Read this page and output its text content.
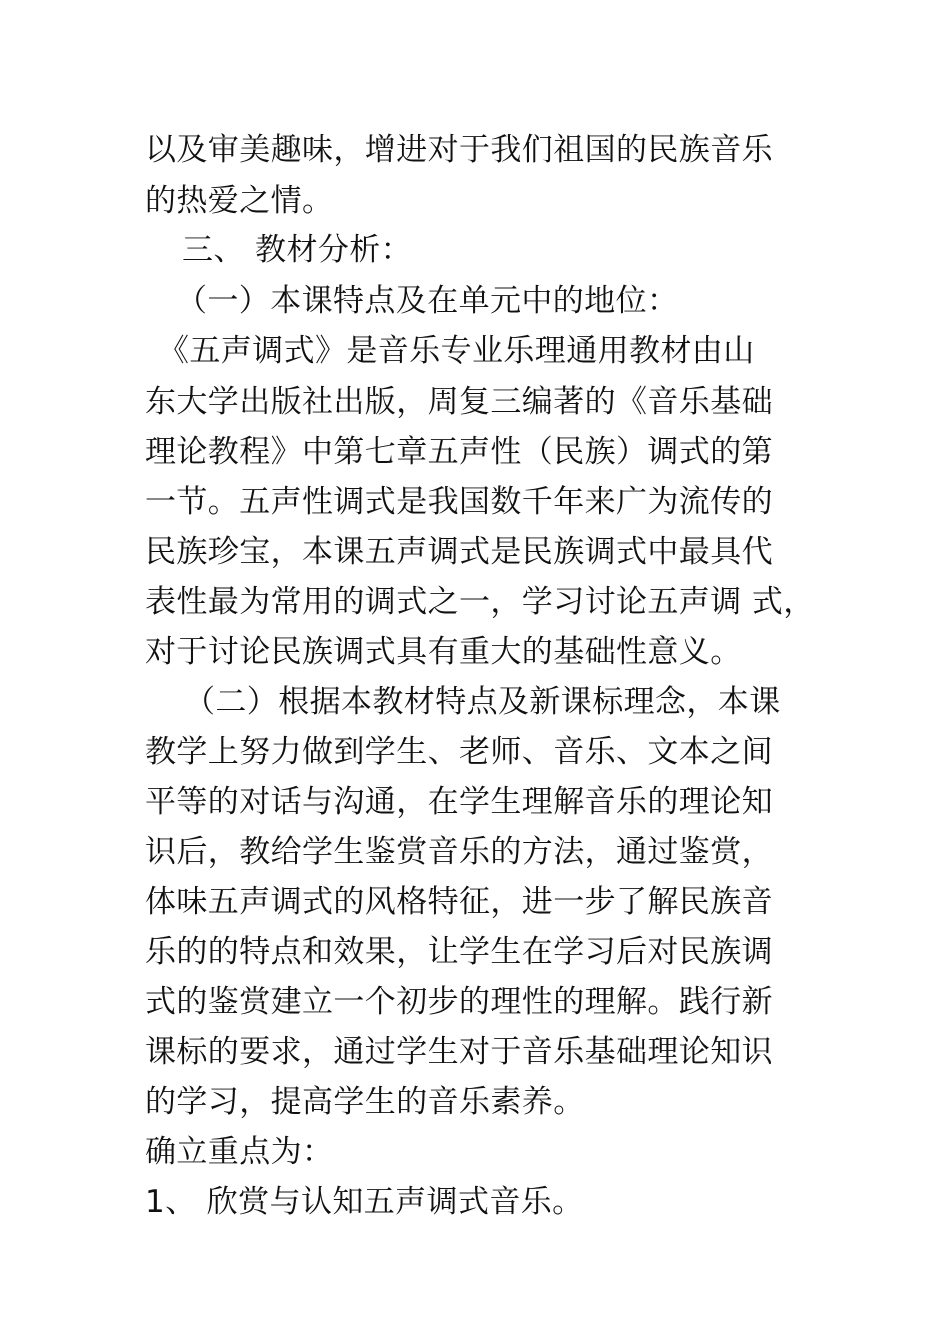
以及审美趣味，增进对于我们祖国的民族音乐
的热爱之情。
三、 教材分析：
（一）本课特点及在单元中的地位：
《五声调式》是音乐专业乐理通用教材由山
东大学出版社出版，周复三编著的《音乐基础
理论教程》中第七章五声性（民族）调式的第
一节。五声性调式是我国数千年来广为流传的
民族珍宝，本课五声调式是民族调式中最具代
表性最为常用的调式之一，学习讨论五声调 式，
对于讨论民族调式具有重大的基础性意义。
（二）根据本教材特点及新课标理念，本课
教学上努力做到学生、老师、音乐、文本之间
平等的对话与沟通，在学生理解音乐的理论知
识后，教给学生鉴赏音乐的方法，通过鉴赏，
体味五声调式的风格特征，进一步了解民族音
乐的的特点和效果，让学生在学习后对民族调
式的鉴赏建立一个初步的理性的理解。践行新
课标的要求，通过学生对于音乐基础理论知识
的学习，提高学生的音乐素养。
确立重点为：
1、 欣赏与认知五声调式音乐。
